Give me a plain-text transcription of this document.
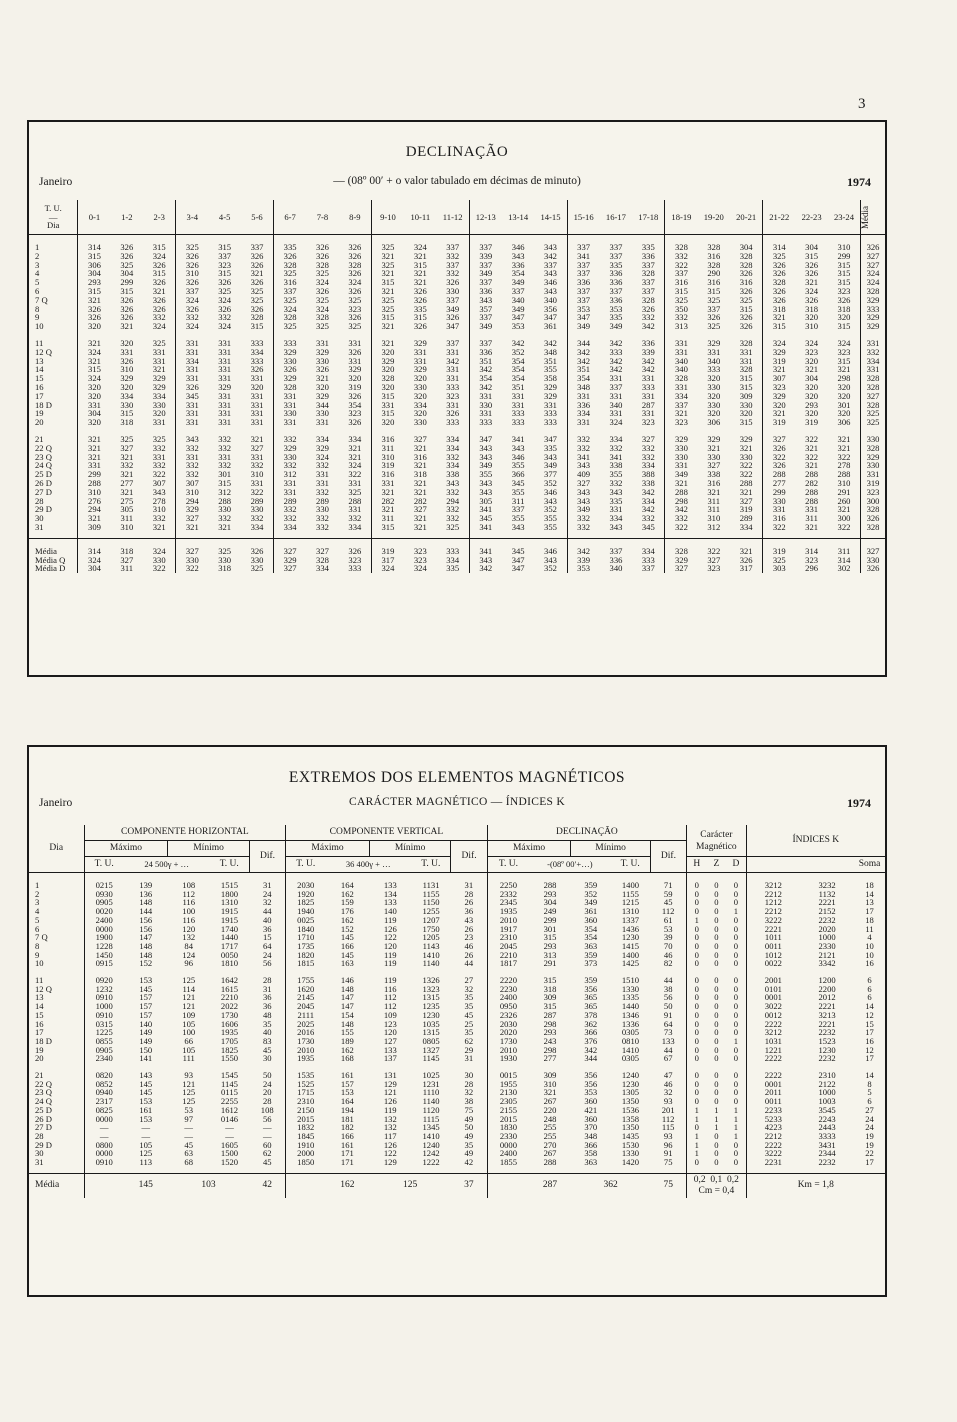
3
DECLINAÇÃO
Janeiro	— (08º 00′ + o valor tabulado em décimas de minuto)	1974
T. U.
—
Dia	0-1	1-2	2-3	3-4	4-5	5-6	6-7	7-8	8-9	9-10	10-11	11-12	12-13	13-14	14-15	15-16	16-17	17-18	18-19	19-20	20-21	21-22	22-23	23-24	Média

1	314	326	315	325	315	337	335	326	326	325	324	337	337	346	343	337	337	335	328	328	304	314	304	310	326
2	315	326	324	326	337	326	326	326	326	321	321	332	339	343	342	341	337	336	332	316	328	325	315	299	327
3	306	325	326	326	323	326	328	328	328	325	315	337	337	336	337	337	335	337	322	328	328	326	326	315	327
4	304	304	315	310	315	321	325	325	326	321	321	332	349	354	343	337	336	328	337	290	326	326	326	315	324
5	293	299	326	326	326	326	316	324	324	315	321	326	337	349	346	336	336	337	316	316	316	328	321	315	324
6	315	315	321	337	325	325	337	326	326	321	326	330	336	337	343	337	337	337	315	315	326	326	324	323	328
7 Q	321	326	326	324	324	325	325	325	325	325	326	337	343	340	340	337	336	328	325	325	325	326	326	326	329
8	326	326	326	326	326	326	324	324	323	325	335	349	357	349	356	353	353	326	350	337	315	318	318	318	333
9	326	326	332	332	332	328	328	328	326	315	315	326	337	347	347	347	335	332	332	326	326	321	320	320	329
10	320	321	324	324	324	315	325	325	325	321	326	347	349	353	361	349	349	342	313	325	326	315	310	315	329

11	321	320	325	331	331	333	333	331	331	321	329	337	337	342	342	344	342	336	331	329	328	324	324	324	331
12 Q	324	331	331	331	331	334	329	329	326	320	331	331	336	352	348	342	333	339	331	331	331	329	323	323	332
13	321	326	331	334	331	333	330	330	331	329	331	342	351	354	351	342	342	342	340	340	331	319	320	315	334
14	315	310	321	331	331	326	326	326	329	320	329	331	342	354	355	351	342	342	340	333	328	321	321	321	331
15	324	329	329	331	331	331	329	321	320	328	320	331	354	354	358	354	331	331	328	320	315	307	304	298	328
16	320	320	329	326	329	320	328	320	319	320	330	333	342	351	329	348	337	333	331	330	315	323	320	320	328
17	320	334	334	345	331	331	331	329	326	315	320	323	331	331	329	331	331	331	334	320	309	329	320	320	327
18 D	331	330	330	331	331	331	331	344	354	331	334	331	330	331	331	336	340	287	337	330	330	320	293	301	328
19	304	315	320	331	331	331	330	330	323	315	320	326	331	333	333	334	331	331	321	320	320	321	320	320	325
20	320	318	331	331	331	331	331	331	326	320	330	333	333	333	333	331	324	323	323	306	315	319	319	306	325

21	321	325	325	343	332	321	332	334	334	316	327	334	347	341	347	332	334	327	329	329	329	327	322	321	330
22 Q	321	327	332	332	332	327	329	329	321	311	321	334	343	343	335	332	332	332	330	321	321	326	321	321	328
23 Q	321	321	331	331	331	331	330	324	321	310	316	332	343	346	343	341	341	332	330	330	330	322	322	322	329
24 Q	331	332	332	332	332	332	332	332	324	319	321	334	349	355	349	343	338	334	331	327	322	326	321	278	330
25 D	299	321	322	332	301	310	312	331	322	316	318	338	355	366	377	409	355	388	349	338	322	288	288	288	331
26 D	288	277	307	307	315	331	331	331	331	331	321	343	343	345	352	327	332	338	321	316	288	277	282	310	319
27 D	310	321	343	310	312	322	331	332	325	321	321	332	343	355	346	343	343	342	288	321	321	299	288	291	323
28	276	275	278	294	288	289	289	289	288	282	282	294	305	311	343	343	335	334	298	311	327	330	288	260	300
29 D	294	305	310	329	330	330	332	330	331	321	327	332	341	337	352	349	331	342	342	311	319	331	331	321	328
30	321	311	332	327	332	332	332	332	332	311	321	332	345	355	355	332	334	332	332	310	289	316	311	300	326
31	309	310	321	321	321	334	334	332	334	315	321	325	341	343	355	332	343	345	322	312	334	322	321	322	328

Média	314	318	324	327	325	326	327	327	326	319	323	333	341	345	346	342	337	334	328	322	321	319	314	311	327
Média Q	324	327	330	330	330	330	329	328	323	317	323	334	343	347	343	339	336	333	329	327	326	325	323	314	330
Média D	304	311	322	322	318	325	327	334	333	324	324	335	342	347	352	353	340	337	327	323	317	303	296	302	326
EXTREMOS DOS ELEMENTOS MAGNÉTICOS
Janeiro	CARÁCTER MAGNÉTICO — ÍNDICES K	1974
Dia	COMPONENTE HORIZONTAL					COMPONENTE VERTICAL					DECLINAÇÃO					Carácter Magnético			ÍNDICES K		
	Máximo		Mínimo		Dif.	Máximo		Mínimo		Dif.	Máximo		Mínimo		Dif.						
	T. U.	24 500γ + …		T. U.		T. U.	36 400γ + …		T. U.		T. U.	-(08º 00′+…)		T. U.		H	Z	D			Soma

1	0215	139	108	1515	31	2030	164	133	1131	31	2250	288	359	1400	71	0	0	0	3212	3232	18
2	0930	136	112	1800	24	1920	162	134	1155	28	2332	293	352	1155	59	0	0	0	2212	1132	14
3	0905	148	116	1310	32	1825	159	133	1150	26	2345	304	349	1215	45	0	0	0	1212	2221	13
4	0020	144	100	1915	44	1940	176	140	1255	36	1935	249	361	1310	112	0	0	1	2212	2152	17
5	2400	156	116	1915	40	0025	162	119	1207	43	2010	299	360	1337	61	1	0	0	3222	2232	18
6	0000	156	120	1740	36	1840	152	126	1750	26	1917	301	354	1436	53	0	0	0	2221	2020	11
7 Q	1900	147	132	1440	15	1710	145	122	1205	23	2310	315	354	1230	39	0	0	0	1011	1000	4
8	1228	148	84	1717	64	1735	166	120	1143	46	2045	293	363	1415	70	0	0	0	0011	2330	10
9	1450	148	124	0050	24	1820	145	119	1410	26	2210	313	359	1400	46	0	0	0	1012	2121	10
10	0915	152	96	1810	56	1815	163	119	1140	44	1817	291	373	1425	82	0	0	0	0022	3342	16

11	0920	153	125	1642	28	1755	146	119	1326	27	2220	315	359	1510	44	0	0	0	2001	1200	6
12 Q	1232	145	114	1615	31	1620	148	116	1323	32	2230	318	356	1330	38	0	0	0	0101	2200	6
13	0910	157	121	2210	36	2145	147	112	1315	35	2400	309	365	1335	56	0	0	0	0001	2012	6
14	1000	157	121	2022	36	2045	147	112	1235	35	0950	315	365	1440	50	0	0	0	3022	2221	14
15	0910	157	109	1730	48	2111	154	109	1230	45	2326	287	378	1346	91	0	0	0	0012	3213	12
16	0315	140	105	1606	35	2025	148	123	1035	25	2030	298	362	1336	64	0	0	0	2222	2221	15
17	1225	149	100	1935	40	2016	155	120	1315	35	2020	293	366	0305	73	0	0	0	3212	2232	17
18 D	0855	149	66	1705	83	1730	189	127	0805	62	1730	243	376	0810	133	0	0	1	1031	1523	16
19	0905	150	105	1825	45	2010	162	133	1327	29	2010	298	342	1410	44	0	0	0	1221	1230	12
20	2340	141	111	1550	30	1935	168	137	1145	31	1930	277	344	0305	67	0	0	0	2222	2232	17

21	0820	143	93	1545	50	1535	161	131	1025	30	0015	309	356	1240	47	0	0	0	2222	2310	14
22 Q	0852	145	121	1145	24	1525	157	129	1231	28	1955	310	356	1230	46	0	0	0	0001	2122	8
23 Q	0940	145	125	0115	20	1715	153	121	1110	32	2130	321	353	1305	32	0	0	0	2011	1000	5
24 Q	2317	153	125	2255	28	2310	164	126	1140	38	2305	267	360	1350	93	0	0	0	0011	1003	6
25 D	0825	161	53	1612	108	2150	194	119	1120	75	2155	220	421	1536	201	1	1	1	2233	3545	27
26 D	0000	153	97	0146	56	2015	181	132	1115	49	2015	248	360	1358	112	1	1	1	5233	2243	24
27 D	—	—	—	—	—	1832	182	132	1345	50	1830	255	370	1350	115	0	1	1	4223	2443	24
28	—	—	—	—	—	1845	166	117	1410	49	2330	255	348	1435	93	1	0	1	2212	3333	19
29 D	0800	105	45	1605	60	1910	161	126	1240	35	0000	270	366	1530	96	1	0	0	2222	3431	19
30	0000	125	63	1500	62	2000	171	122	1242	49	2400	267	358	1330	91	1	0	0	3222	2344	22
31	0910	113	68	1520	45	1850	171	129	1222	42	1855	288	363	1420	75	0	0	0	2231	2232	17

Média		145	103		42		162	125		37		287	362		75	0,2  0,1  0,2
Cm = 0,4			Km = 1,8		
